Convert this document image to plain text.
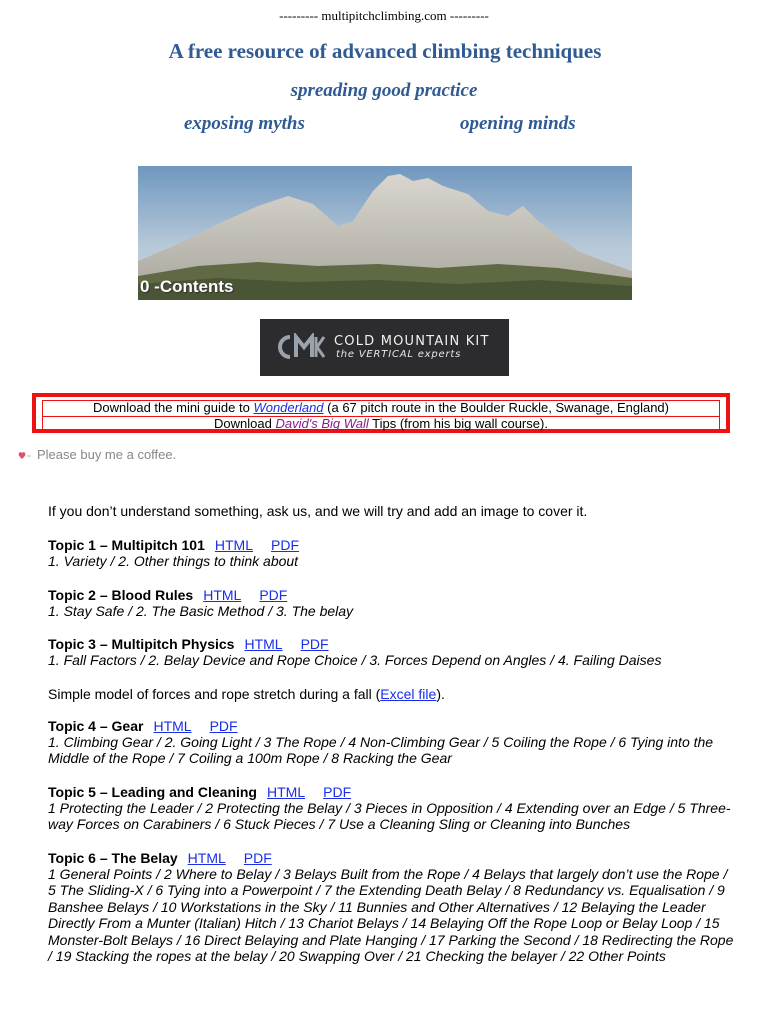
--------- multipitchclimbing.com ---------
A free resource of advanced climbing techniques
spreading good practice
exposing myths	opening minds
0 -Contents
COLD MOUNTAIN KIT
the VERTICAL experts
Download the mini guide to Wonderland (a 67 pitch route in the Boulder Ruckle, Swanage, England)
Download David's Big Wall Tips (from his big wall course).
Please buy me a coffee.

If you don’t understand something, ask us, and we will try and add an image to cover it.

Topic 1 – Multipitch 101 HTML PDF
1. Variety / 2. Other things to think about
Topic 2 – Blood Rules HTML PDF
1. Stay Safe / 2. The Basic Method / 3. The belay
Topic 3 – Multipitch Physics HTML PDF
1. Fall Factors / 2. Belay Device and Rope Choice / 3. Forces Depend on Angles / 4. Failing Daises
Simple model of forces and rope stretch during a fall (Excel file).
Topic 4 – Gear HTML PDF
1. Climbing Gear / 2. Going Light / 3 The Rope / 4 Non-Climbing Gear / 5 Coiling the Rope / 6 Tying into the Middle of the Rope / 7 Coiling a 100m Rope / 8 Racking the Gear
Topic 5 – Leading and Cleaning HTML PDF
1 Protecting the Leader / 2 Protecting the Belay / 3 Pieces in Opposition / 4 Extending over an Edge / 5 Three-way Forces on Carabiners / 6 Stuck Pieces / 7 Use a Cleaning Sling or Cleaning into Bunches
Topic 6 – The Belay HTML PDF
1 General Points / 2 Where to Belay / 3 Belays Built from the Rope / 4 Belays that largely don’t use the Rope / 5 The Sliding-X / 6 Tying into a Powerpoint / 7 the Extending Death Belay / 8 Redundancy vs. Equalisation / 9 Banshee Belays / 10 Workstations in the Sky / 11 Bunnies and Other Alternatives / 12 Belaying the Leader Directly From a Munter (Italian) Hitch / 13 Chariot Belays / 14 Belaying Off the Rope Loop or Belay Loop / 15 Monster-Bolt Belays / 16 Direct Belaying and Plate Hanging / 17 Parking the Second / 18 Redirecting the Rope / 19 Stacking the ropes at the belay / 20 Swapping Over / 21 Checking the belayer / 22 Other Points
